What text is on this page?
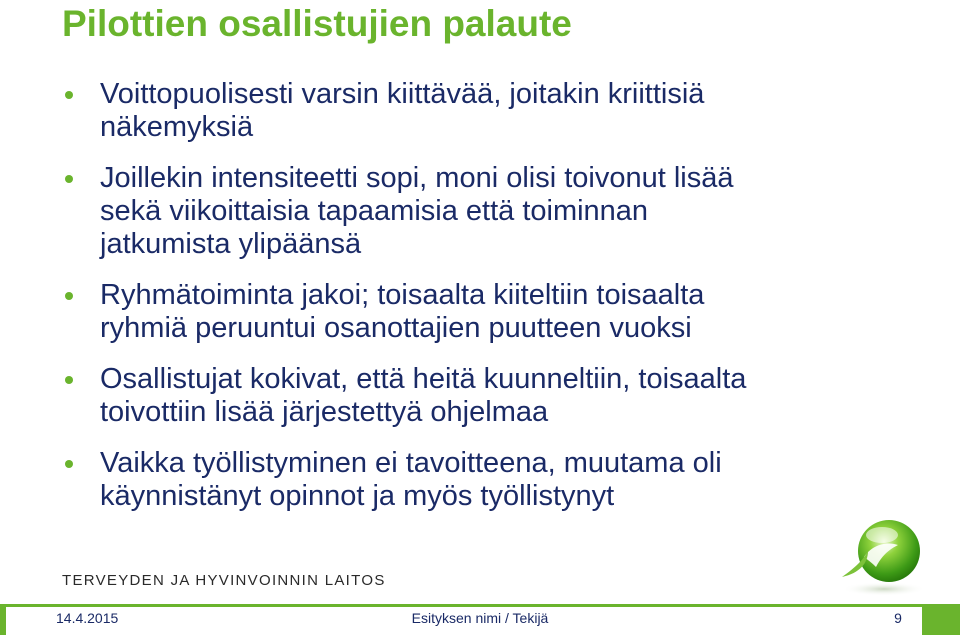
Pilottien osallistujien palaute
Voittopuolisesti varsin kiittävää, joitakin kriittisiä
näkemyksiä
Joillekin intensiteetti sopi, moni olisi toivonut lisää
sekä viikoittaisia tapaamisia että toiminnan
jatkumista ylipäänsä
Ryhmätoiminta jakoi; toisaalta kiiteltiin toisaalta
ryhmiä peruuntui osanottajien puutteen vuoksi
Osallistujat kokivat, että heitä kuunneltiin, toisaalta
toivottiin lisää järjestettyä ohjelmaa
Vaikka työllistyminen ei tavoitteena, muutama oli
käynnistänyt opinnot ja myös työllistynyt
TERVEYDEN JA HYVINVOINNIN LAITOS
14.4.2015	Esityksen nimi / Tekijä	9
